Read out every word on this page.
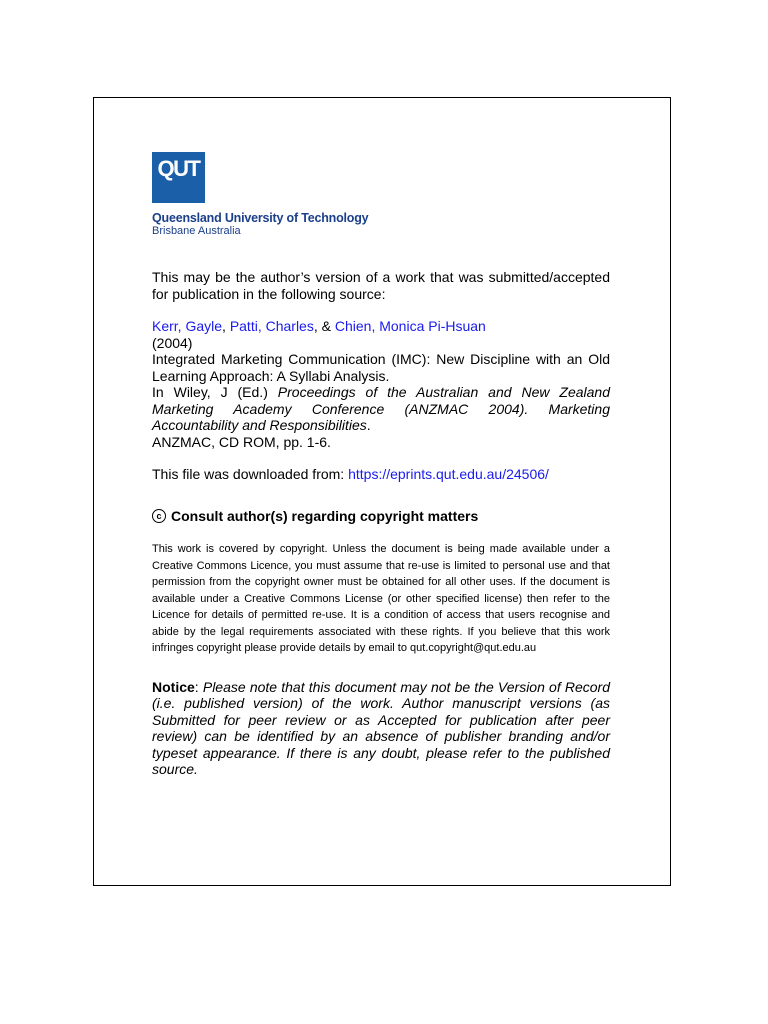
QUT
Queensland University of Technology
Brisbane Australia
This may be the author’s version of a work that was submitted/accepted for publication in the following source:
Kerr, Gayle, Patti, Charles, & Chien, Monica Pi-Hsuan
(2004)
Integrated Marketing Communication (IMC): New Discipline with an Old Learning Approach: A Syllabi Analysis.
In Wiley, J (Ed.) Proceedings of the Australian and New Zealand Marketing Academy Conference (ANZMAC 2004). Marketing Accountability and Responsibilities.
ANZMAC, CD ROM, pp. 1-6.
This file was downloaded from: https://eprints.qut.edu.au/24506/
c Consult author(s) regarding copyright matters
This work is covered by copyright. Unless the document is being made available under a Creative Commons Licence, you must assume that re-use is limited to personal use and that permission from the copyright owner must be obtained for all other uses. If the document is available under a Creative Commons License (or other specified license) then refer to the Licence for details of permitted re-use. It is a condition of access that users recognise and abide by the legal requirements associated with these rights. If you believe that this work infringes copyright please provide details by email to qut.copyright@qut.edu.au
Notice: Please note that this document may not be the Version of Record (i.e. published version) of the work. Author manuscript versions (as Submitted for peer review or as Accepted for publication after peer review) can be identified by an absence of publisher branding and/or typeset appearance. If there is any doubt, please refer to the published source.
